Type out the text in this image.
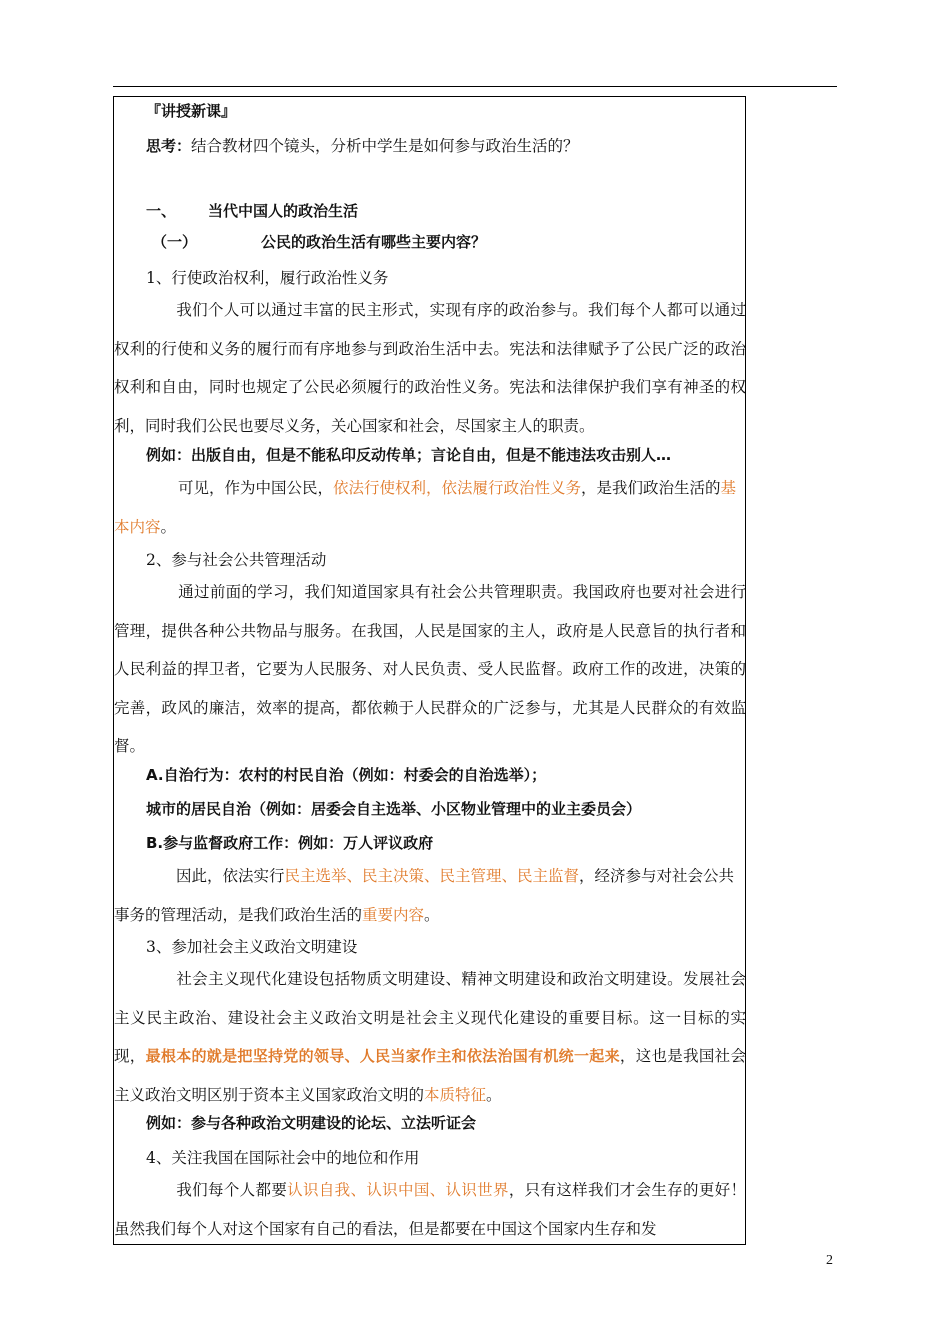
『讲授新课』
思考：结合教材四个镜头，分析中学生是如何参与政治生活的？
一、 当代中国人的政治生活
（一）	公民的政治生活有哪些主要内容？
1、行使政治权利，履行政治性义务
我们个人可以通过丰富的民主形式，实现有序的政治参与。我们每个人都可以通过权利的行使和义务的履行而有序地参与到政治生活中去。宪法和法律赋予了公民广泛的政治权利和自由，同时也规定了公民必须履行的政治性义务。宪法和法律保护我们享有神圣的权利，同时我们公民也要尽义务，关心国家和社会，尽国家主人的职责。
例如：出版自由，但是不能私印反动传单；言论自由，但是不能违法攻击别人…
可见，作为中国公民，依法行使权利，依法履行政治性义务，是我们政治生活的基本内容。
2、参与社会公共管理活动
通过前面的学习，我们知道国家具有社会公共管理职责。我国政府也要对社会进行管理，提供各种公共物品与服务。在我国，人民是国家的主人，政府是人民意旨的执行者和人民利益的捍卫者，它要为人民服务、对人民负责、受人民监督。政府工作的改进，决策的完善，政风的廉洁，效率的提高，都依赖于人民群众的广泛参与，尤其是人民群众的有效监督。
A.自治行为：农村的村民自治（例如：村委会的自治选举）；
城市的居民自治（例如：居委会自主选举、小区物业管理中的业主委员会）
B.参与监督政府工作：例如：万人评议政府
因此，依法实行民主选举、民主决策、民主管理、民主监督，经济参与对社会公共事务的管理活动，是我们政治生活的重要内容。
3、参加社会主义政治文明建设
社会主义现代化建设包括物质文明建设、精神文明建设和政治文明建设。发展社会主义民主政治、建设社会主义政治文明是社会主义现代化建设的重要目标。这一目标的实现，最根本的就是把坚持党的领导、人民当家作主和依法治国有机统一起来，这也是我国社会主义政治文明区别于资本主义国家政治文明的本质特征。
例如：参与各种政治文明建设的论坛、立法听证会
4、关注我国在国际社会中的地位和作用
我们每个人都要认识自我、认识中国、认识世界，只有这样我们才会生存的更好！虽然我们每个人对这个国家有自己的看法，但是都要在中国这个国家内生存和发
2
